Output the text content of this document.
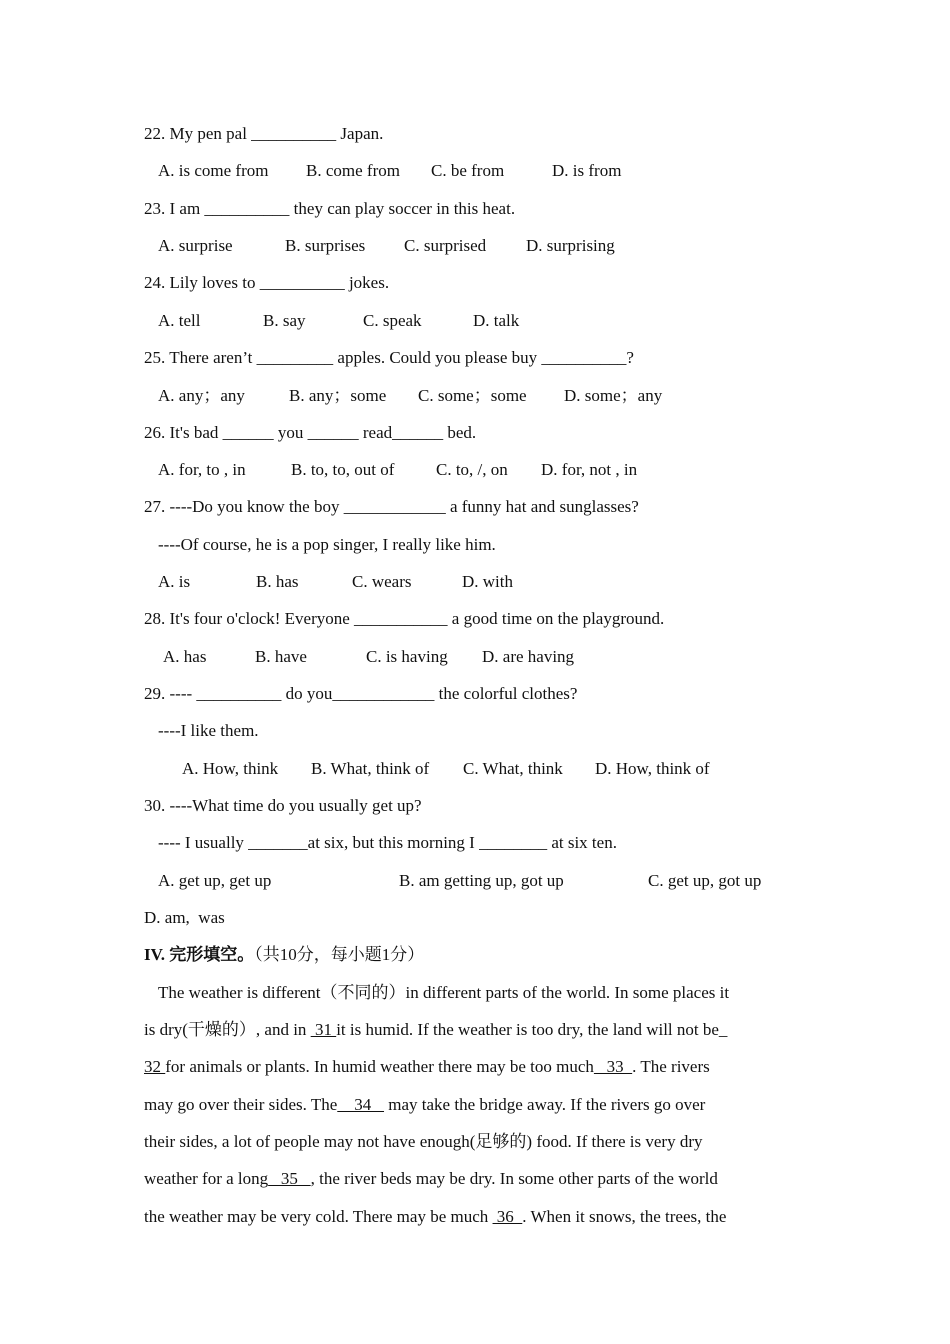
22. My pen pal __________ Japan.
A. is come from B. come from C. be from	D. is from
23. I am __________ they can play soccer in this heat.
A. surprise	B. surprises C. surprised D. surprising
24. Lily loves to __________ jokes.
A. tell	B. say	C. speak	D. talk
25. There aren’t _________ apples. Could you please buy __________?
A. any；any	B. any；some C. some；some D. some；any
26. It's bad ______ you ______ read______ bed.
A. for, to , in	B. to, to, out of C. to, /, on D. for, not , in
27. ----Do you know the boy ____________ a funny hat and sunglasses?
----Of course, he is a pop singer, I really like him.
A. is	B. has	C. wears	D. with
28. It's four o'clock! Everyone ___________ a good time on the playground.
A. has	B. have	C. is having D. are having
29. ---- __________ do you____________ the colorful clothes?
----I like them.
A. How, think B. What, think of C. What, think D. How, think of
30. ----What time do you usually get up?
---- I usually _______at six, but this morning I ________ at six ten.
A. get up, get up	B. am getting up, got up	C. get up, got up
D. am,  was
IV. 完形填空。（共10分，每小题1分）
The weather is different（不同的）in different parts of the world. In some places it
is dry(干燥的）, and in  31 it is humid. If the weather is too dry, the land will not be_
32 for animals or plants. In humid weather there may be too much   33  . The rivers
may go over their sides. The    34    may take the bridge away. If the rivers go over
their sides, a lot of people may not have enough(足够的) food. If there is very dry
weather for a long   35   , the river beds may be dry. In some other parts of the world
the weather may be very cold. There may be much  36  . When it snows, the trees, the
